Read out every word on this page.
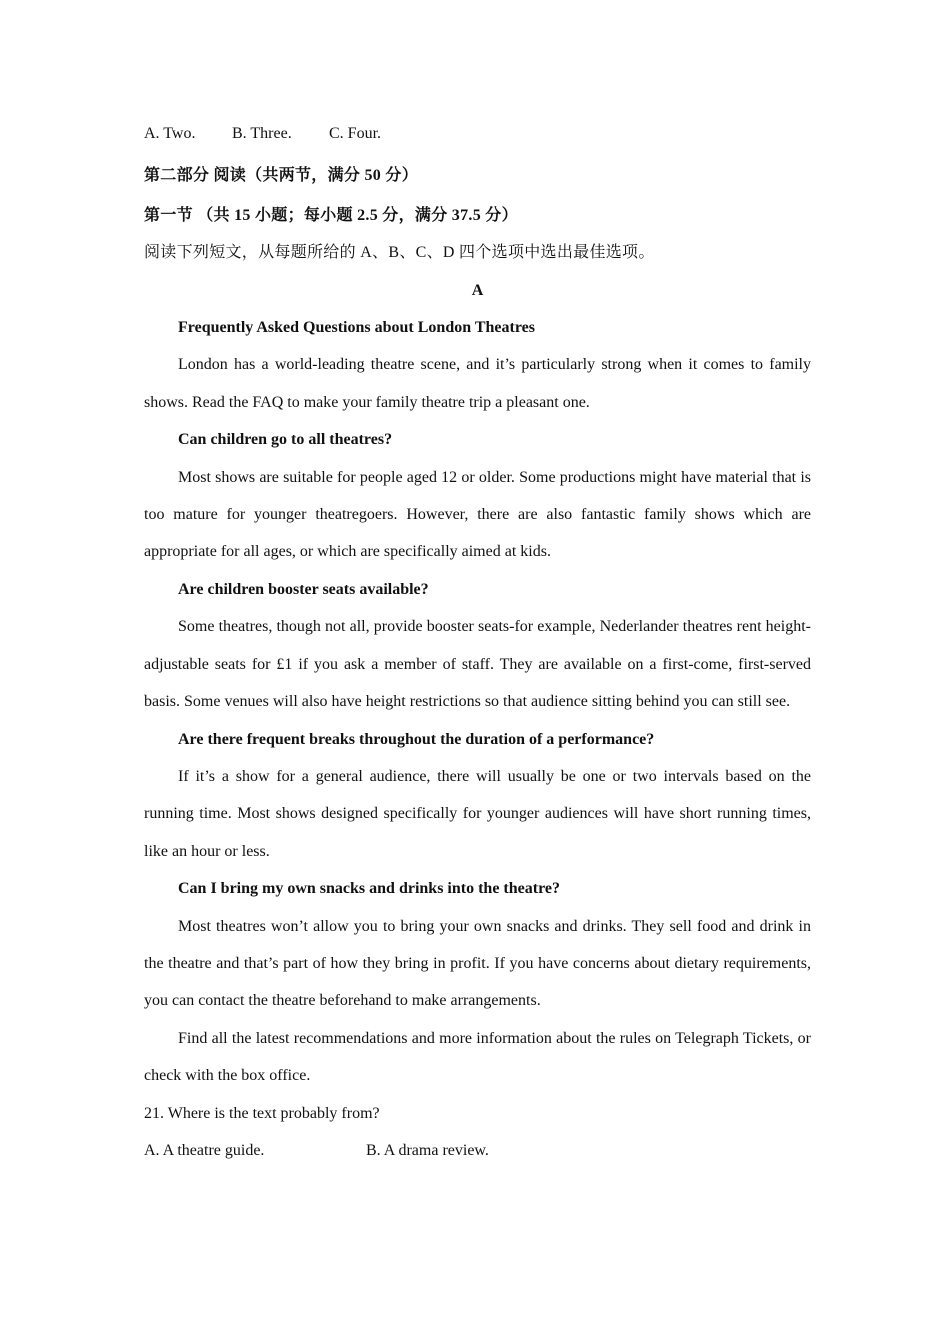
A. Two.	B. Three.	C. Four.

第二部分 阅读（共两节，满分 50 分）

第一节 （共 15 小题；每小题 2.5 分，满分 37.5 分）

阅读下列短文，从每题所给的 A、B、C、D 四个选项中选出最佳选项。

A

Frequently Asked Questions about London Theatres

London has a world-leading theatre scene, and it’s particularly strong when it comes to family shows. Read the FAQ to make your family theatre trip a pleasant one.

Can children go to all theatres?

Most shows are suitable for people aged 12 or older. Some productions might have material that is too mature for younger theatregoers. However, there are also fantastic family shows which are appropriate for all ages, or which are specifically aimed at kids.

Are children booster seats available?

Some theatres, though not all, provide booster seats-for example, Nederlander theatres rent height-adjustable seats for £1 if you ask a member of staff. They are available on a first-come, first-served basis. Some venues will also have height restrictions so that audience sitting behind you can still see.

Are there frequent breaks throughout the duration of a performance?

If it’s a show for a general audience, there will usually be one or two intervals based on the running time. Most shows designed specifically for younger audiences will have short running times, like an hour or less.

Can I bring my own snacks and drinks into the theatre?

Most theatres won’t allow you to bring your own snacks and drinks. They sell food and drink in the theatre and that’s part of how they bring in profit. If you have concerns about dietary requirements, you can contact the theatre beforehand to make arrangements.

Find all the latest recommendations and more information about the rules on Telegraph Tickets, or check with the box office.

21. Where is the text probably from?

A. A theatre guide.	B. A drama review.
